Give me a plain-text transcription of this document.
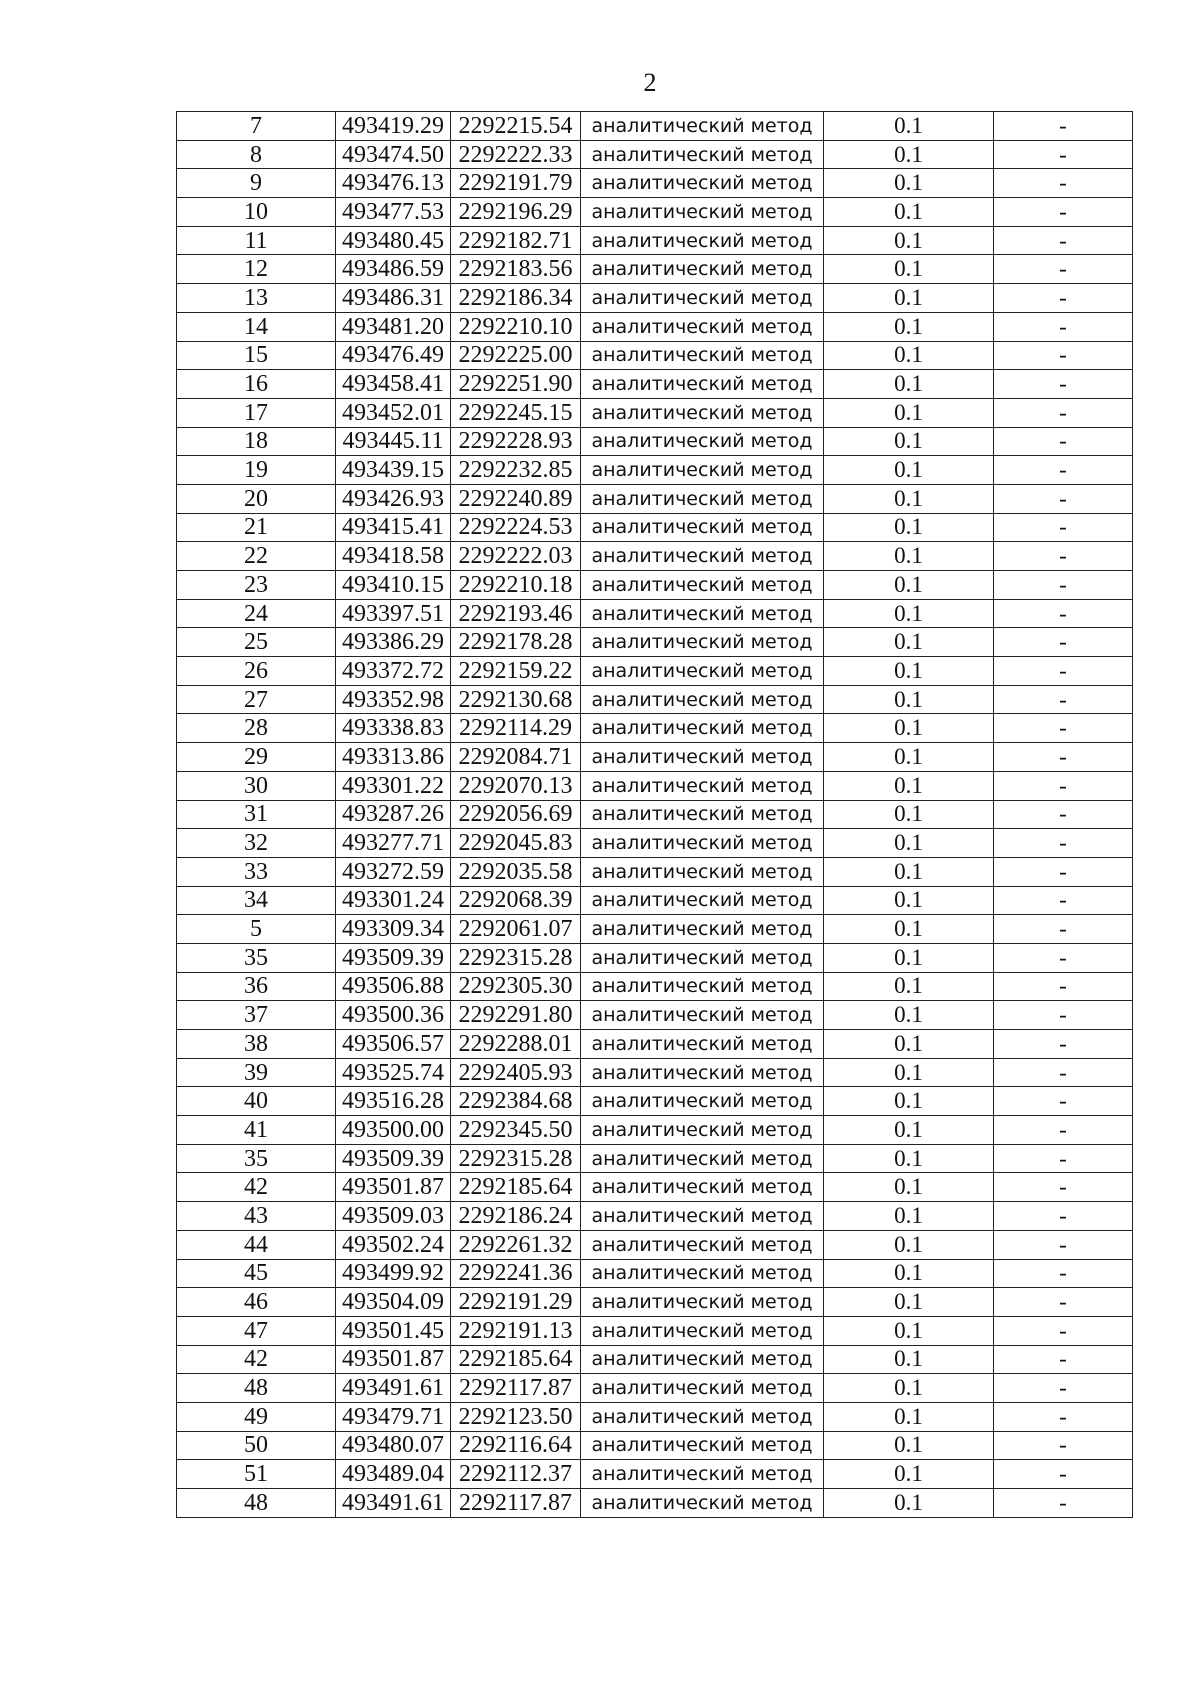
2
7	493419.29	2292215.54	аналитический метод	0.1	-
8	493474.50	2292222.33	аналитический метод	0.1	-
9	493476.13	2292191.79	аналитический метод	0.1	-
10	493477.53	2292196.29	аналитический метод	0.1	-
11	493480.45	2292182.71	аналитический метод	0.1	-
12	493486.59	2292183.56	аналитический метод	0.1	-
13	493486.31	2292186.34	аналитический метод	0.1	-
14	493481.20	2292210.10	аналитический метод	0.1	-
15	493476.49	2292225.00	аналитический метод	0.1	-
16	493458.41	2292251.90	аналитический метод	0.1	-
17	493452.01	2292245.15	аналитический метод	0.1	-
18	493445.11	2292228.93	аналитический метод	0.1	-
19	493439.15	2292232.85	аналитический метод	0.1	-
20	493426.93	2292240.89	аналитический метод	0.1	-
21	493415.41	2292224.53	аналитический метод	0.1	-
22	493418.58	2292222.03	аналитический метод	0.1	-
23	493410.15	2292210.18	аналитический метод	0.1	-
24	493397.51	2292193.46	аналитический метод	0.1	-
25	493386.29	2292178.28	аналитический метод	0.1	-
26	493372.72	2292159.22	аналитический метод	0.1	-
27	493352.98	2292130.68	аналитический метод	0.1	-
28	493338.83	2292114.29	аналитический метод	0.1	-
29	493313.86	2292084.71	аналитический метод	0.1	-
30	493301.22	2292070.13	аналитический метод	0.1	-
31	493287.26	2292056.69	аналитический метод	0.1	-
32	493277.71	2292045.83	аналитический метод	0.1	-
33	493272.59	2292035.58	аналитический метод	0.1	-
34	493301.24	2292068.39	аналитический метод	0.1	-
5	493309.34	2292061.07	аналитический метод	0.1	-
35	493509.39	2292315.28	аналитический метод	0.1	-
36	493506.88	2292305.30	аналитический метод	0.1	-
37	493500.36	2292291.80	аналитический метод	0.1	-
38	493506.57	2292288.01	аналитический метод	0.1	-
39	493525.74	2292405.93	аналитический метод	0.1	-
40	493516.28	2292384.68	аналитический метод	0.1	-
41	493500.00	2292345.50	аналитический метод	0.1	-
35	493509.39	2292315.28	аналитический метод	0.1	-
42	493501.87	2292185.64	аналитический метод	0.1	-
43	493509.03	2292186.24	аналитический метод	0.1	-
44	493502.24	2292261.32	аналитический метод	0.1	-
45	493499.92	2292241.36	аналитический метод	0.1	-
46	493504.09	2292191.29	аналитический метод	0.1	-
47	493501.45	2292191.13	аналитический метод	0.1	-
42	493501.87	2292185.64	аналитический метод	0.1	-
48	493491.61	2292117.87	аналитический метод	0.1	-
49	493479.71	2292123.50	аналитический метод	0.1	-
50	493480.07	2292116.64	аналитический метод	0.1	-
51	493489.04	2292112.37	аналитический метод	0.1	-
48	493491.61	2292117.87	аналитический метод	0.1	-
